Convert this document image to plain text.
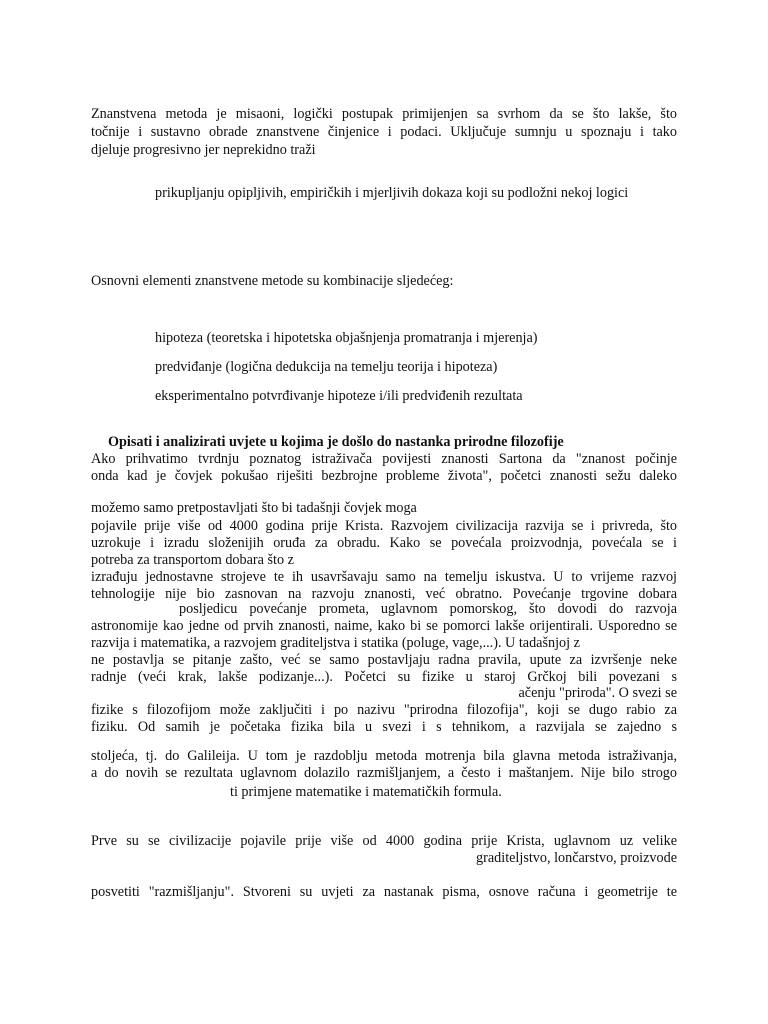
Znanstvena metoda je misaoni, logički postupak primijenjen sa svrhom da se što lakše, što

točnije i sustavno obrade znanstvene činjenice i podaci. Uključuje sumnju u spoznaju i tako

djeluje progresivno jer neprekidno traži

prikupljanju opipljivih, empiričkih i mjerljivih dokaza koji su podložni nekoj logici

Osnovni elementi znanstvene metode su kombinacije sljedećeg:

hipoteza (teoretska i hipotetska objašnjenja promatranja i mjerenja)

predviđanje (logična dedukcija na temelju teorija i hipoteza)

eksperimentalno potvrđivanje hipoteze i/ili predviđenih rezultata

Opisati i analizirati uvjete u kojima je došlo do nastanka prirodne filozofije

Ako prihvatimo tvrdnju poznatog istraživača povijesti znanosti Sartona da "znanost počinje

onda kad je čovjek pokušao riješiti bezbrojne probleme života", početci znanosti sežu daleko

možemo samo pretpostavljati što bi tadašnji čovjek moga

pojavile prije više od 4000 godina prije Krista. Razvojem civilizacija razvija se i privreda, što

uzrokuje i izradu složenijih oruđa za obradu. Kako se povećala proizvodnja, povećala se i

potreba za transportom dobara što z

izrađuju jednostavne strojeve te ih usavršavaju samo na temelju iskustva. U to vrijeme razvoj

tehnologije nije bio zasnovan na razvoju znanosti, već obratno. Povećanje trgovine dobara

posljedicu povećanje prometa, uglavnom pomorskog, što dovodi do razvoja

astronomije kao jedne od prvih znanosti, naime, kako bi se pomorci lakše orijentirali. Usporedno se

razvija i matematika, a razvojem graditeljstva i statika (poluge, vage,...). U tadašnjoj z

ne postavlja se pitanje zašto, već se samo postavljaju radna pravila, upute za izvršenje neke

radnje (veći krak, lakše podizanje...). Početci su fizike u staroj Grčkoj bili povezani s

ačenju "priroda". O svezi se

fizike s filozofijom može zaključiti i po nazivu "prirodna filozofija", koji se dugo rabio za

fiziku. Od samih je početaka fizika bila u svezi i s tehnikom, a razvijala se zajedno s

stoljeća, tj. do Galileija. U tom je razdoblju metoda motrenja bila glavna metoda istraživanja,

a do novih se rezultata uglavnom dolazilo razmišljanjem, a često i maštanjem. Nije bilo strogo

ti primjene matematike i matematičkih formula.

Prve su se civilizacije pojavile prije više od 4000 godina prije Krista, uglavnom uz velike

graditeljstvo, lončarstvo, proizvode

posvetiti "razmišljanju". Stvoreni su uvjeti za nastanak pisma, osnove računa i geometrije te
